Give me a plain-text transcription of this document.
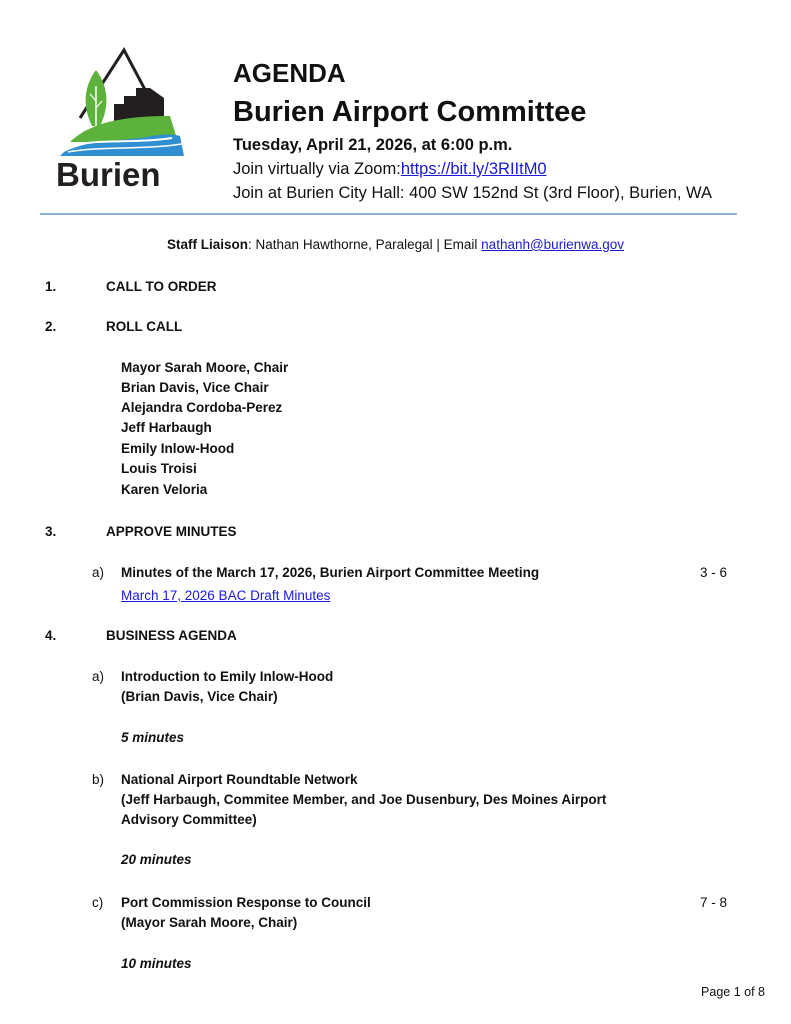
Burien
AGENDA
Burien Airport Committee
Tuesday, April 21, 2026, at 6:00 p.m.
Join virtually via Zoom:https://bit.ly/3RIItM0
Join at Burien City Hall: 400 SW 152nd St (3rd Floor), Burien, WA
Staff Liaison: Nathan Hawthorne, Paralegal | Email nathanh@burienwa.gov
1.	CALL TO ORDER
2.	ROLL CALL
Mayor Sarah Moore, Chair
Brian Davis, Vice Chair
Alejandra Cordoba-Perez
Jeff Harbaugh
Emily Inlow-Hood
Louis Troisi
Karen Veloria
3.	APPROVE MINUTES
a) Minutes of the March 17, 2026, Burien Airport Committee Meeting	3 - 6
March 17, 2026 BAC Draft Minutes
4.	BUSINESS AGENDA
a) Introduction to Emily Inlow-Hood
(Brian Davis, Vice Chair)
5 minutes
b) National Airport Roundtable Network
(Jeff Harbaugh, Commitee Member, and Joe Dusenbury, Des Moines Airport
Advisory Committee)
20 minutes
c) Port Commission Response to Council	7 - 8
(Mayor Sarah Moore, Chair)
10 minutes
Page 1 of 8
